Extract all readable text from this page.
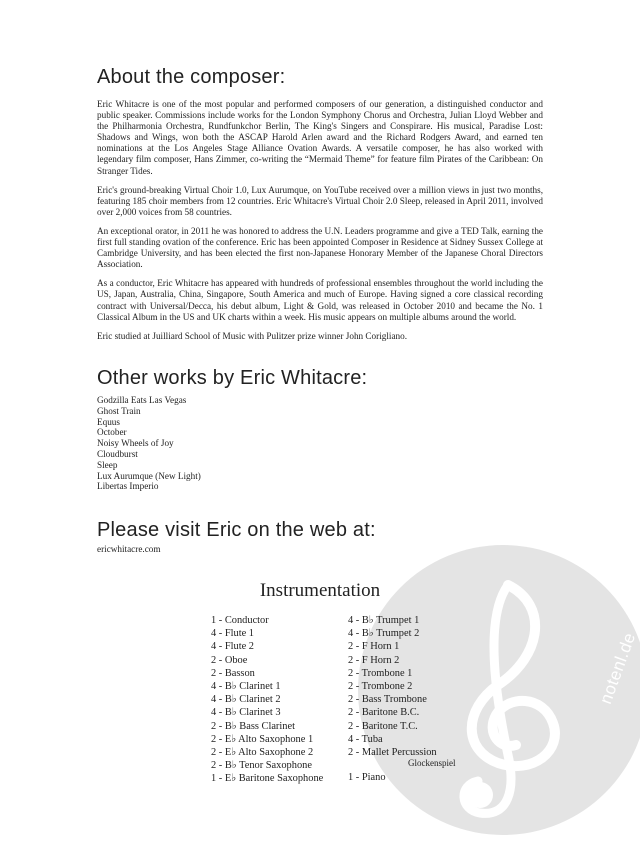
notenl.de
About the composer:

Eric Whitacre is one of the most popular and performed composers of our generation, a distinguished conductor and public speaker. Commissions include works for the London Symphony Chorus and Orchestra, Julian Lloyd Webber and the Philharmonia Orchestra, Rundfunkchor Berlin, The King's Singers and Conspirare. His musical, Paradise Lost: Shadows and Wings, won both the ASCAP Harold Arlen award and the Richard Rodgers Award, and earned ten nominations at the Los Angeles Stage Alliance Ovation Awards. A versatile composer, he has also worked with legendary film composer, Hans Zimmer, co-writing the “Mermaid Theme” for feature film Pirates of the Caribbean: On Stranger Tides.

Eric's ground-breaking Virtual Choir 1.0, Lux Aurumque, on YouTube received over a million views in just two months, featuring 185 choir members from 12 countries. Eric Whitacre's Virtual Choir 2.0 Sleep, released in April 2011, involved over 2,000 voices from 58 countries.

An exceptional orator, in 2011 he was honored to address the U.N. Leaders programme and give a TED Talk, earning the first full standing ovation of the conference. Eric has been appointed Composer in Residence at Sidney Sussex College at Cambridge University, and has been elected the first non-Japanese Honorary Member of the Japanese Choral Directors Association.

As a conductor, Eric Whitacre has appeared with hundreds of professional ensembles throughout the world including the US, Japan, Australia, China, Singapore, South America and much of Europe. Having signed a core classical recording contract with Universal/Decca, his debut album, Light & Gold, was released in October 2010 and became the No. 1 Classical Album in the US and UK charts within a week. His music appears on multiple albums around the world.

Eric studied at Juilliard School of Music with Pulitzer prize winner John Corigliano.

Other works by Eric Whitacre:
Godzilla Eats Las Vegas
Ghost Train
Equus
October
Noisy Wheels of Joy
Cloudburst
Sleep
Lux Aurumque (New Light)
Libertas Imperio
Please visit Eric on the web at:
ericwhitacre.com
Instrumentation
1 - Conductor
4 - Flute 1
4 - Flute 2
2 - Oboe
2 - Basson
4 - B♭ Clarinet 1
4 - B♭ Clarinet 2
4 - B♭ Clarinet 3
2 - B♭ Bass Clarinet
2 - E♭ Alto Saxophone 1
2 - E♭ Alto Saxophone 2
2 - B♭ Tenor Saxophone
1 - E♭ Baritone Saxophone
4 - B♭ Trumpet 1
4 - B♭ Trumpet 2
2 - F Horn 1
2 - F Horn 2
2 - Trombone 1
2 - Trombone 2
2 - Bass Trombone
2 - Baritone B.C.
2 - Baritone T.C.
4 - Tuba
2 - Mallet Percussion
Glockenspiel
1 - Piano
